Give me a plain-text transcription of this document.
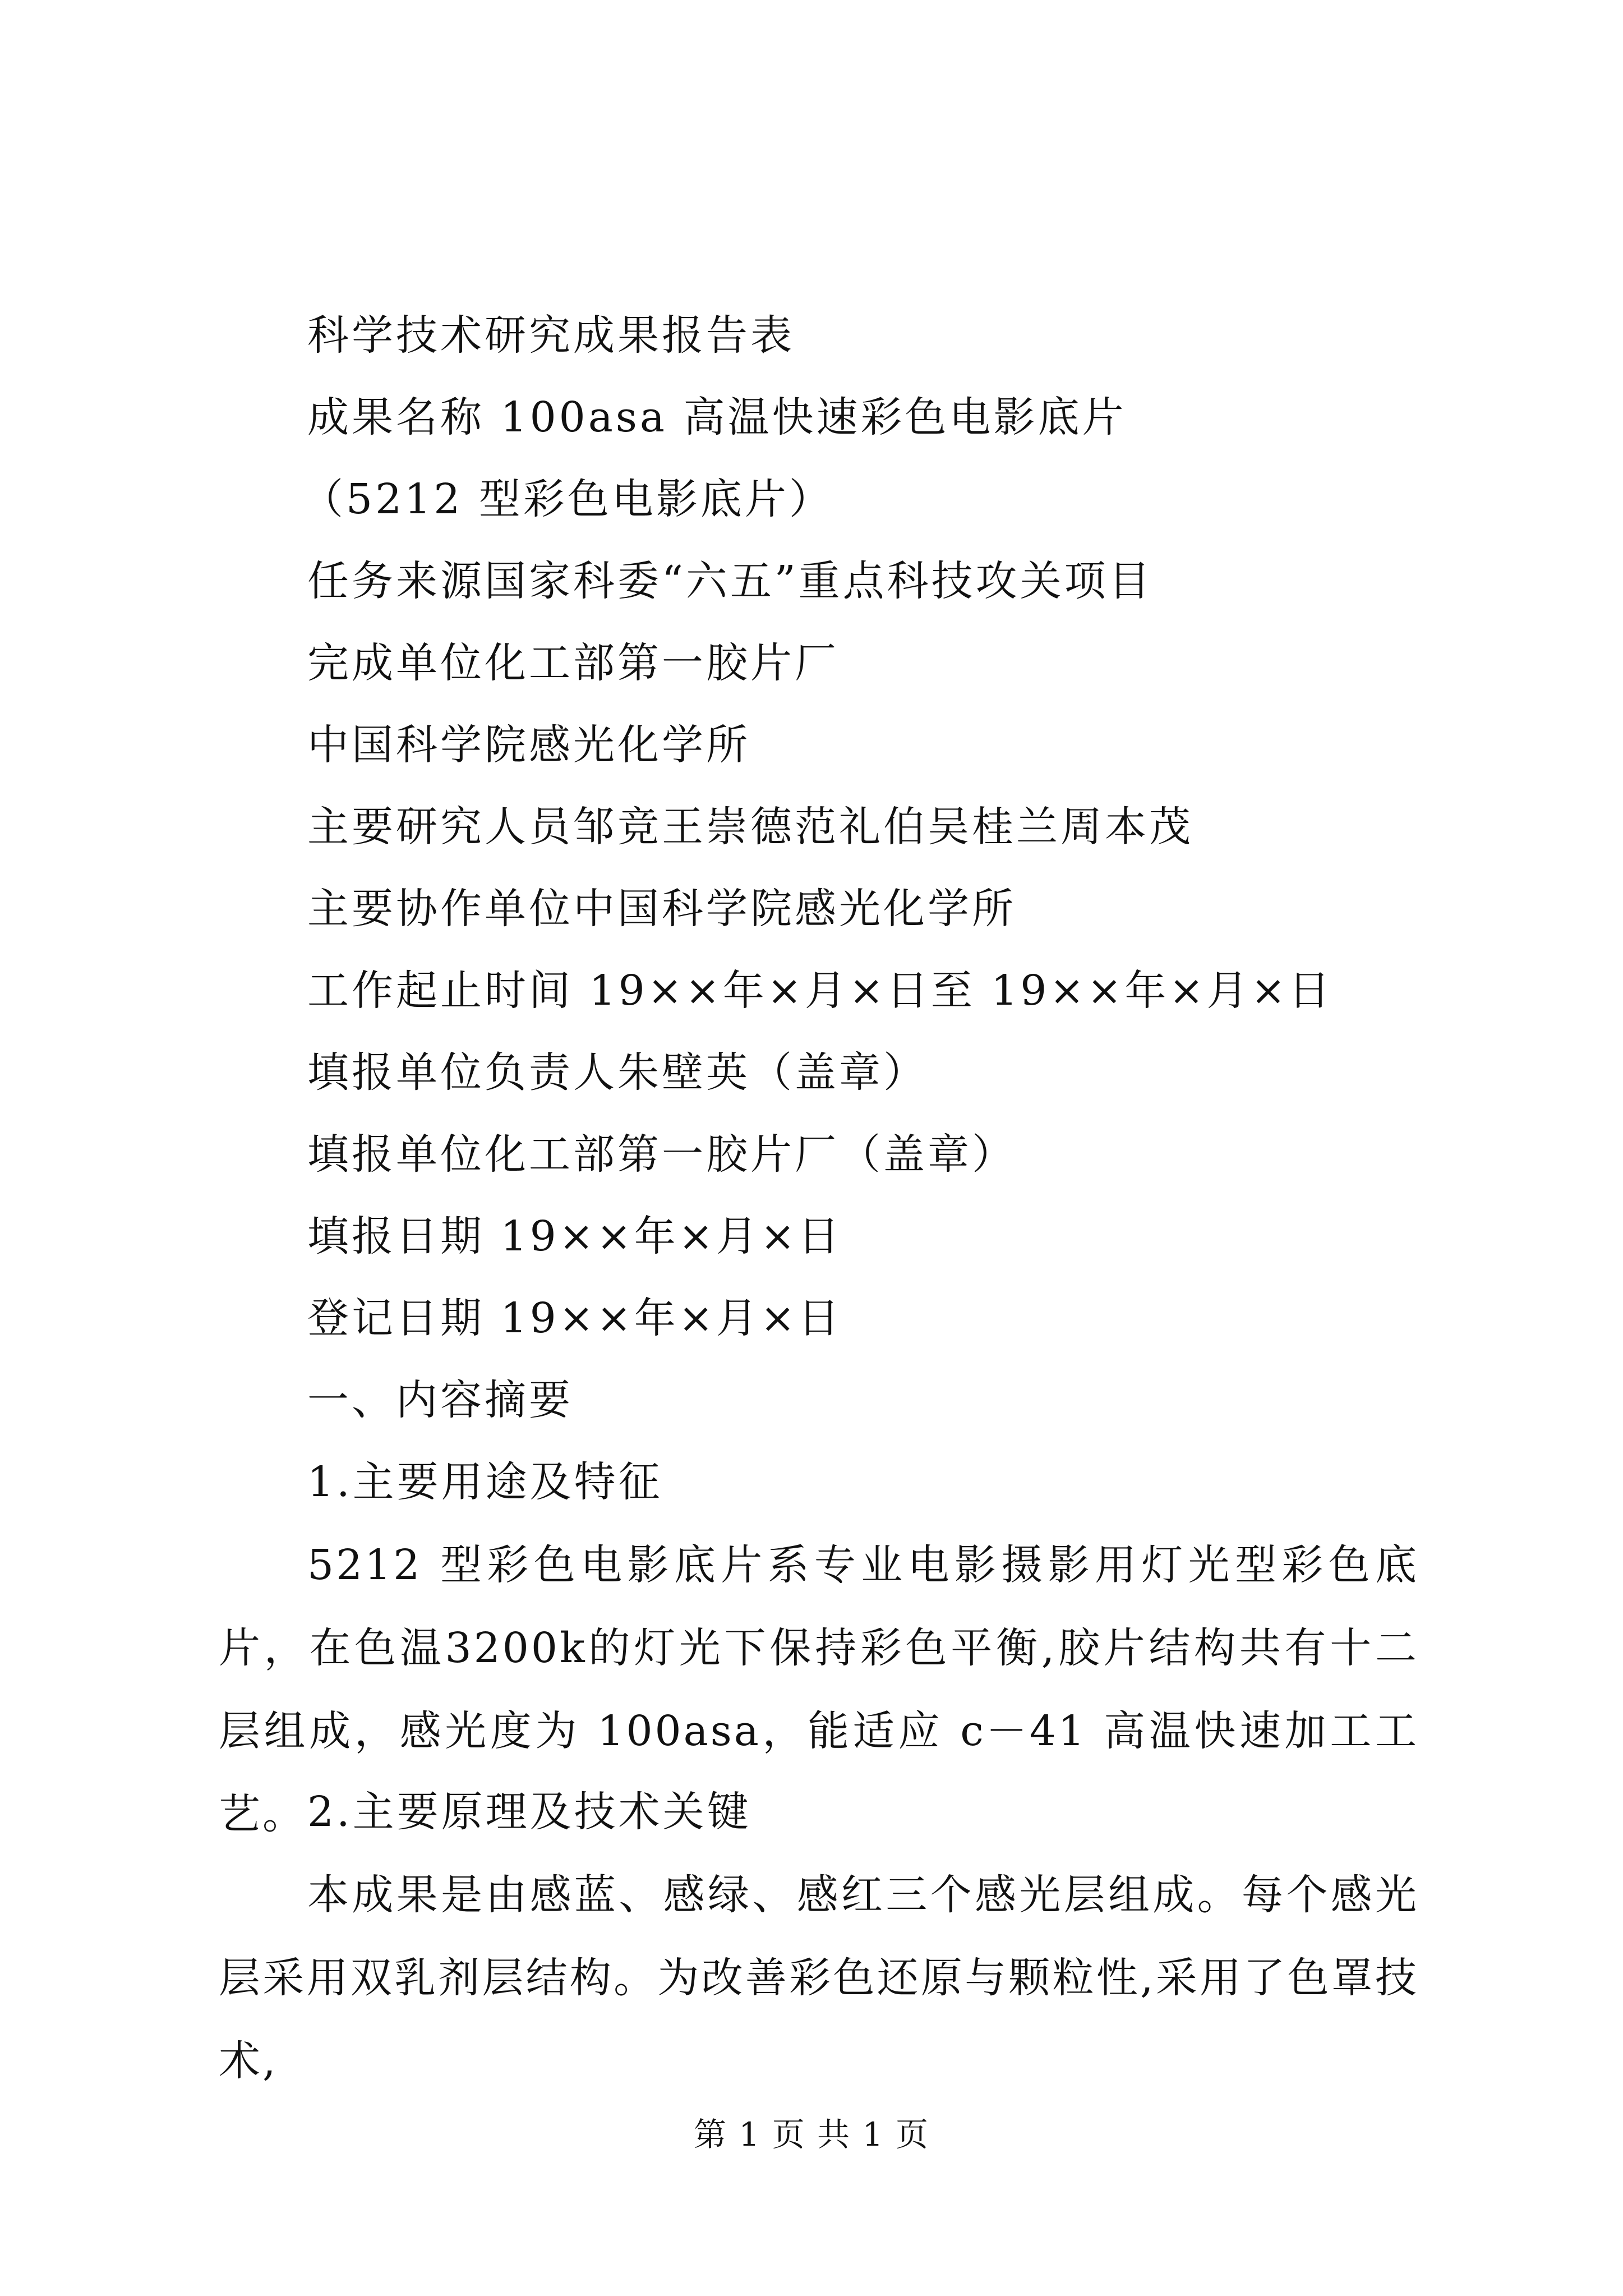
科学技术研究成果报告表
成果名称 100asa 高温快速彩色电影底片
（5212 型彩色电影底片）
任务来源国家科委“六五”重点科技攻关项目
完成单位化工部第一胶片厂
中国科学院感光化学所
主要研究人员邹竞王崇德范礼伯吴桂兰周本茂
主要协作单位中国科学院感光化学所
工作起止时间 19××年×月×日至 19××年×月×日
填报单位负责人朱壁英（盖章）
填报单位化工部第一胶片厂（盖章）
填报日期 19××年×月×日
登记日期 19××年×月×日
一、内容摘要
1.主要用途及特征
5212 型彩色电影底片系专业电影摄影用灯光型彩色底片，在色温3200k的灯光下保持彩色平衡,胶片结构共有十二层组成，感光度为 100asa，能适应 c－41 高温快速加工工艺。 2.主要原理及技术关键
本成果是由感蓝、感绿、感红三个感光层组成。每个感光层采用双乳剂层结构。为改善彩色还原与颗粒性,采用了色罩技术,
第 1 页 共 1 页
